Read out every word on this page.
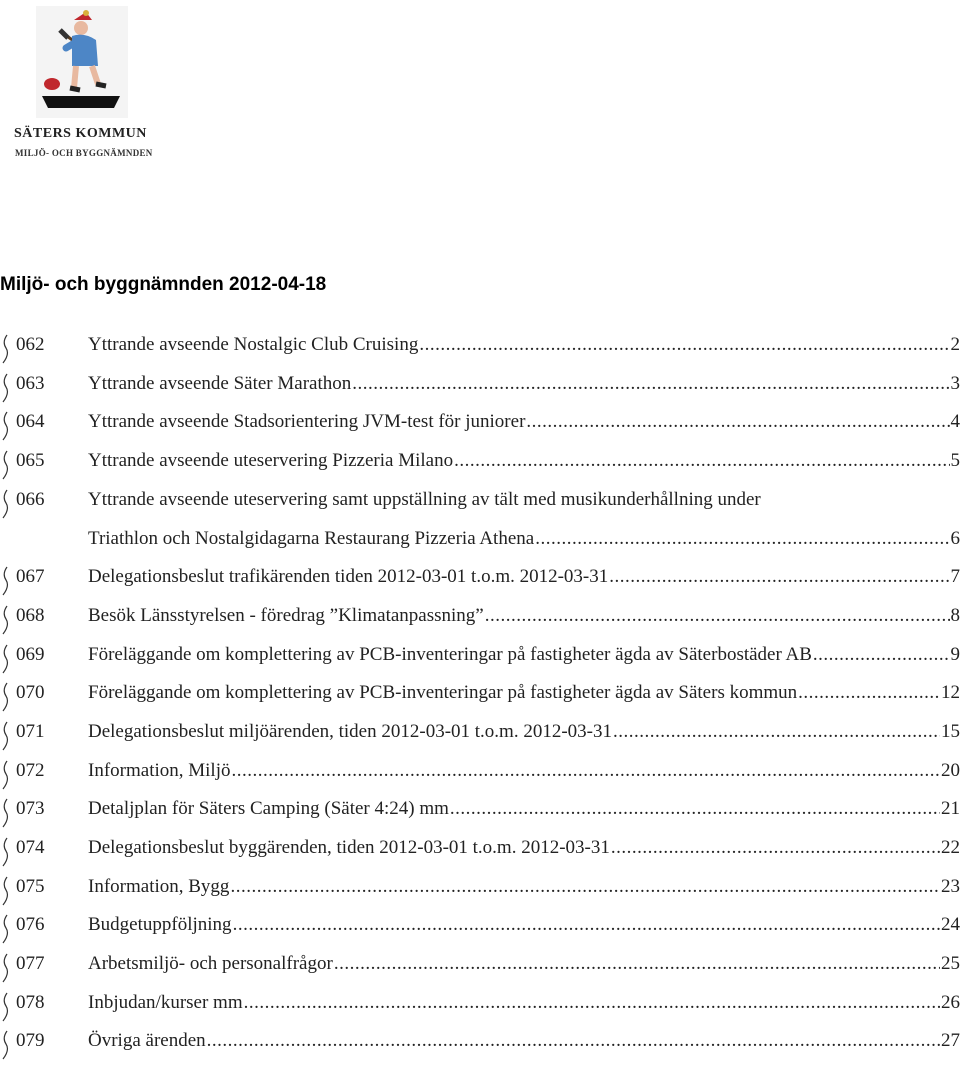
SÄTERS KOMMUN
MILJÖ- OCH BYGGNÄMNDEN
Miljö- och byggnämnden 2012-04-18
062 Yttrande avseende Nostalgic Club Cruising .....	2
063 Yttrande avseende Säter Marathon .....	3
064 Yttrande avseende Stadsorientering JVM-test för juniorer .....	4
065 Yttrande avseende uteservering Pizzeria Milano .....	5
066 Yttrande avseende uteservering samt uppställning av tält med musikunderhållning under
Triathlon och Nostalgidagarna Restaurang Pizzeria Athena .....	6
067 Delegationsbeslut trafikärenden tiden 2012-03-01 t.o.m. 2012-03-31 .....	7
068 Besök Länsstyrelsen - föredrag ”Klimatanpassning” .....	8
069 Föreläggande om komplettering av PCB-inventeringar på fastigheter ägda av Säterbostäder AB .....	9
070 Föreläggande om komplettering av PCB-inventeringar på fastigheter ägda av Säters kommun .....	12
071 Delegationsbeslut miljöärenden, tiden 2012-03-01 t.o.m. 2012-03-31 .....	15
072 Information, Miljö .....	20
073 Detaljplan för Säters Camping (Säter 4:24) mm .....	21
074 Delegationsbeslut byggärenden, tiden 2012-03-01 t.o.m. 2012-03-31 .....	22
075 Information, Bygg .....	23
076 Budgetuppföljning .....	24
077 Arbetsmiljö- och personalfrågor .....	25
078 Inbjudan/kurser mm .....	26
079 Övriga ärenden .....	27
